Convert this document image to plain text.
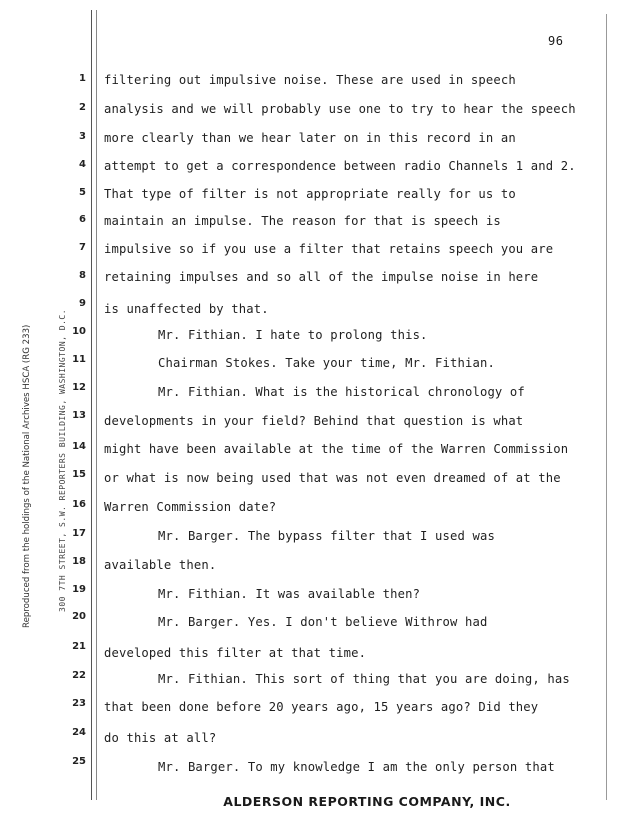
96
Reproduced from the holdings of the National Archives HSCA (RG 233)	300 7TH STREET, S.W. REPORTERS BUILDING, WASHINGTON, D.C.
1
2
3
4
5
6
7
8
9
10
11
12
13
14
15
16
17
18
19
20
21
22
23
24
25
filtering out impulsive noise. These are used in speech
analysis and we will probably use one to try to hear the speech
more clearly than we hear later on in this record in an
attempt to get a correspondence between radio Channels 1 and 2.
That type of filter is not appropriate really for us to
maintain an impulse. The reason for that is speech is
impulsive so if you use a filter that retains speech you are
retaining impulses and so all of the impulse noise in here
is unaffected by that.
Mr. Fithian. I hate to prolong this.
Chairman Stokes. Take your time, Mr. Fithian.
Mr. Fithian. What is the historical chronology of
developments in your field? Behind that question is what
might have been available at the time of the Warren Commission
or what is now being used that was not even dreamed of at the
Warren Commission date?
Mr. Barger. The bypass filter that I used was
available then.
Mr. Fithian. It was available then?
Mr. Barger. Yes. I don't believe Withrow had
developed this filter at that time.
Mr. Fithian. This sort of thing that you are doing, has
that been done before 20 years ago, 15 years ago? Did they
do this at all?
Mr. Barger. To my knowledge I am the only person that
ALDERSON REPORTING COMPANY, INC.
